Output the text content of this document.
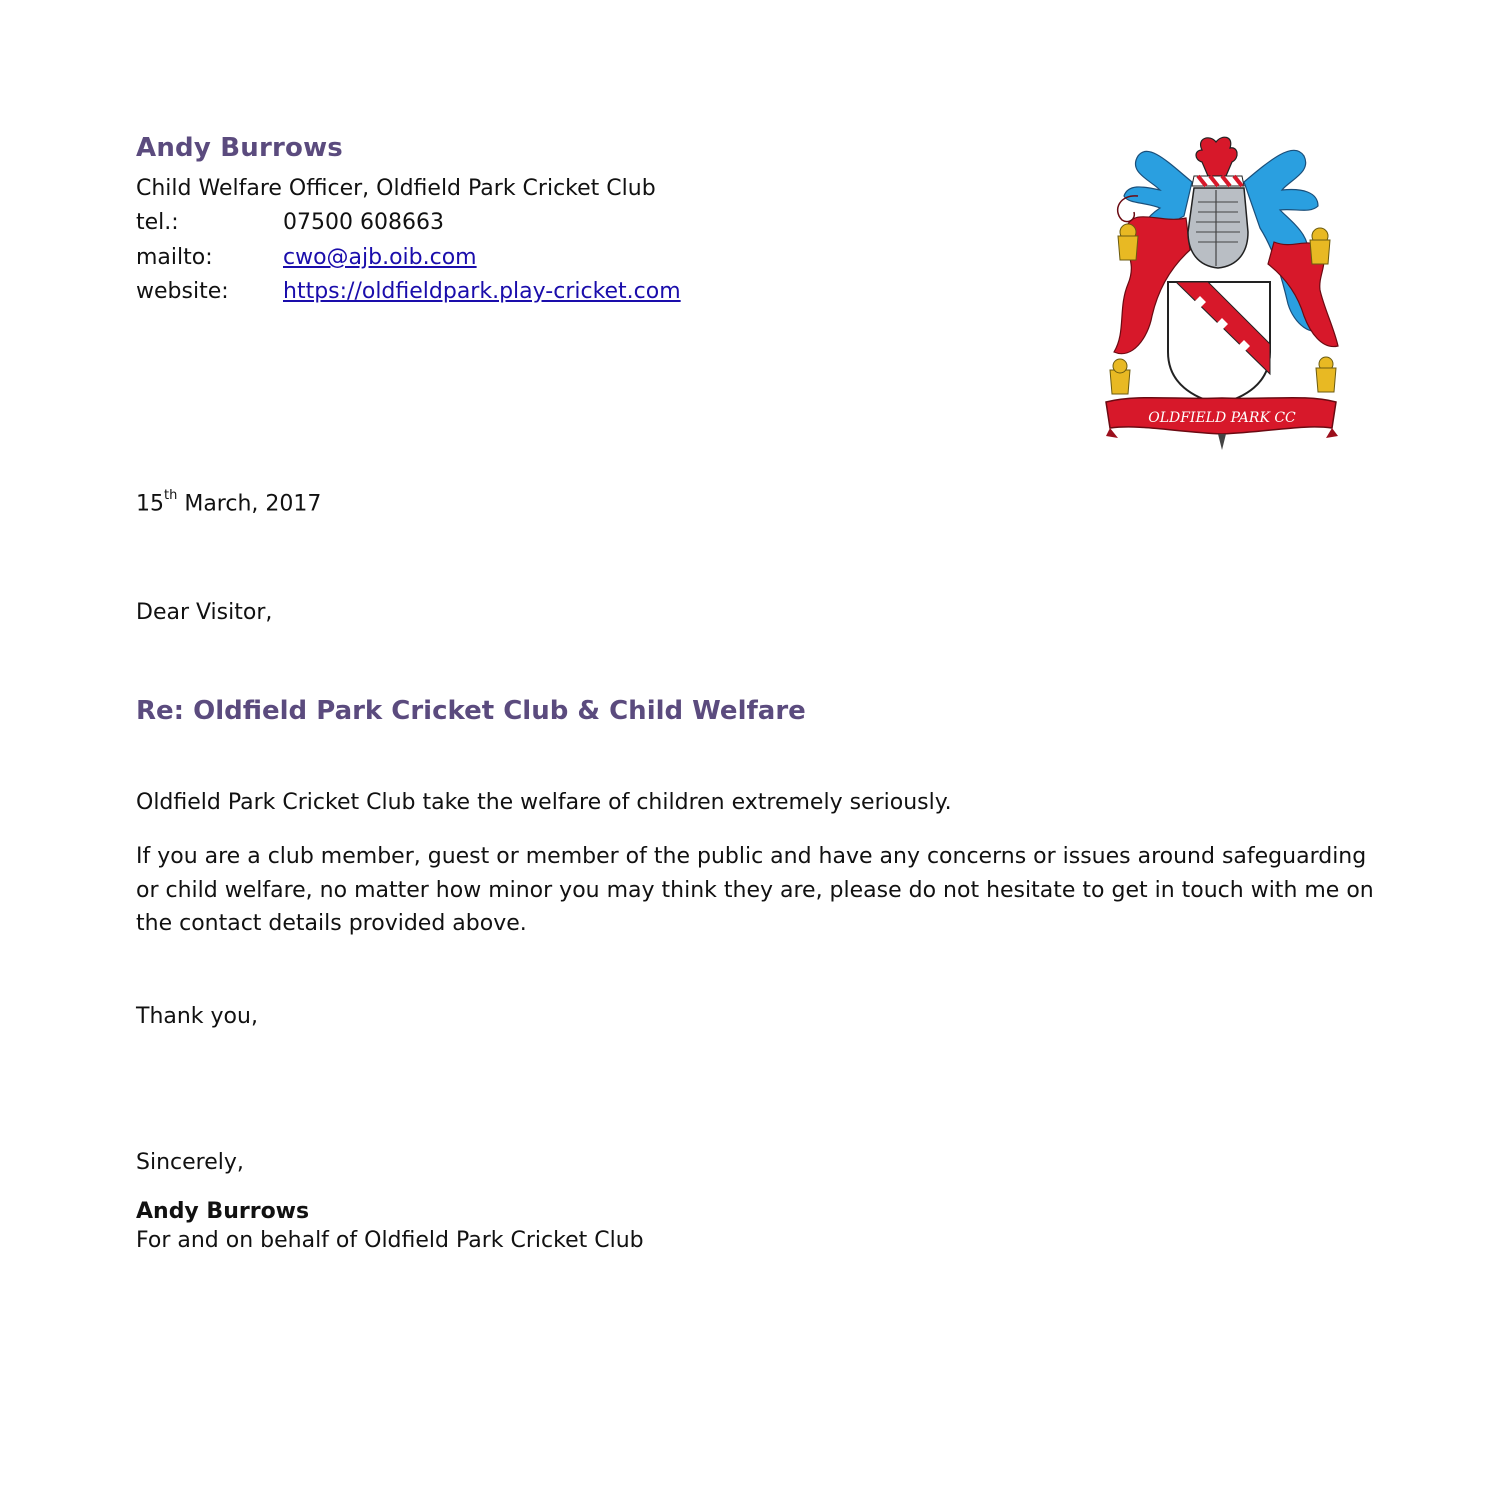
Andy Burrows
Child Welfare Officer, Oldfield Park Cricket Club
tel.:	07500 608663
mailto:	cwo@ajb.oib.com
website: https://oldfieldpark.play-cricket.com
OLDFIELD PARK CC
15th March, 2017
Dear Visitor,
Re: Oldfield Park Cricket Club & Child Welfare
Oldfield Park Cricket Club take the welfare of children extremely seriously.
If you are a club member, guest or member of the public and have any concerns or issues around safeguarding or child welfare, no matter how minor you may think they are, please do not hesitate to get in touch with me on the contact details provided above.
Thank you,
Sincerely,
Andy Burrows
For and on behalf of Oldfield Park Cricket Club
